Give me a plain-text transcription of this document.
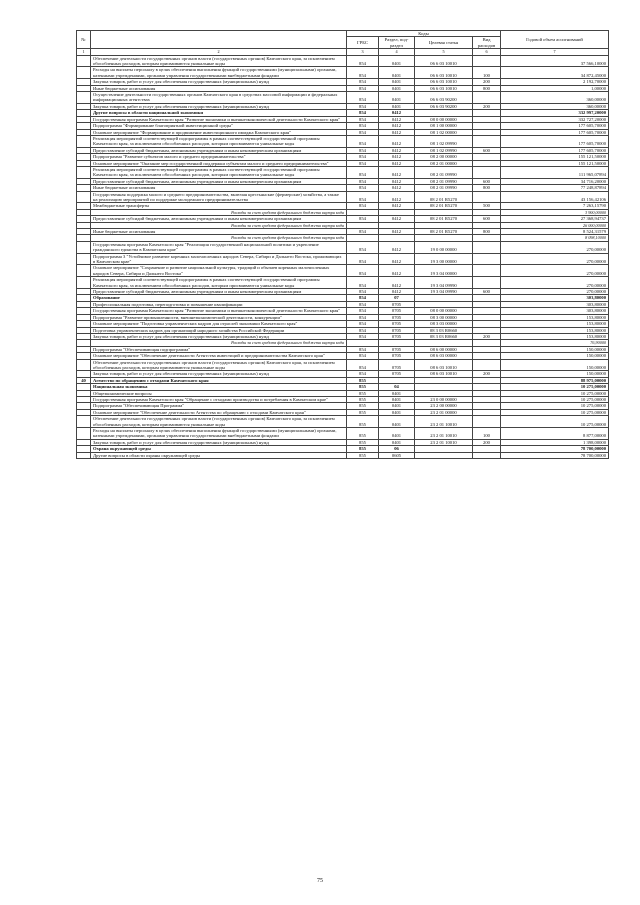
№		Коды				Годовой объем ассигнований
		ГРБС	Раздел, под- раздел	Целевая статья	Вид расходов	
1	2	3	4	5	6	7
	Обеспечение деятельности государственных органов власти (государственных органов) Камчатского края, за исключением обособленных расходов, которым присваиваются уникальные коды	854	0401	06 6 03 10010		37 566,10000
	Расходы на выплаты персоналу в целях обеспечения выполнения функций государственными (муниципальными) органами, казенными учреждениями, органами управления государственными внебюджетными фондами	854	0401	06 6 03 10010	100	34 872,45000
	Закупка товаров, работ и услуг для обеспечения государственных (муниципальных) нужд	854	0401	06 6 03 10010	200	2 192,70000
	Иные бюджетные ассигнования	854	0401	06 6 03 10010	800	1,00000
	Осуществление деятельности государственных органов Камчатского края в средствах массовой информации и федеральных информационных агентствах	854	0401	06 6 03 90200		360,00000
	Закупка товаров, работ и услуг для обеспечения государственных (муниципальных) нужд	854	0401	06 6 03 90200	200	360,00000
	Другие вопросы в области национальной экономики	854	0412			332 997,20000
	Государственная программа Камчатского края "Развитие экономики и внешнеэкономической деятельности Камчатского края"	854	0412	08 0 00 00000		332 727,20000
	Подпрограмма "Формирование благоприятной инвестиционной среды"	854	0412	08 1 00 00000		177 605,70000
	Основное мероприятие "Формирование и продвижение инвестиционного имиджа Камчатского края"	854	0412	08 1 02 00000		177 605,70000
	Реализация мероприятий соответствующей подпрограммы в рамках соответствующей государственной программы Камчатского края, за исключением обособленных расходов, которым присваиваются уникальные коды	854	0412	08 1 02 09990		177 605,70000
	Предоставление субсидий бюджетным, автономным учреждениям и иным некоммерческим организациям	854	0412	08 1 02 09990	600	177 605,70000
	Подпрограмма "Развитие субъектов малого и среднего предпринимательства"	854	0412	08 2 00 00000		155 121,50000
	Основное мероприятие "Оказание мер государственной поддержки субъектам малого и среднего предпринимательства"	854	0412	08 2 01 00000		155 121,50000
	Реализация мероприятий соответствующей подпрограммы в рамках соответствующей государственной программы Камчатского края, за исключением обособленных расходов, которым присваиваются уникальные коды	854	0412	08 2 01 09990		111 965,07894
	Предоставление субсидий бюджетным, автономным учреждениям и иным некоммерческим организациям	854	0412	08 2 01 09990	600	34 716,20000
	Иные бюджетные ассигнования	854	0412	08 2 01 09990	800	77 248,87894
	Государственная поддержка малого и среднего предпринимательства, включая крестьянские (фермерские) хозяйства, а также на реализацию мероприятий по поддержке молодежного предпринимательства	854	0412	08 2 01 R5270		43 156,42106
	Межбюджетные трансферты	854	0412	08 2 01 R5270	500	7 263,15790
	Расходы за счет средств федерального бюджета внутри кода					3 900,00000
	Предоставление субсидий бюджетным, автономным учреждениям и иным некоммерческим организациям	854	0412	08 2 01 R5270	600	27 368,94737
	Расходы за счет средств федерального бюджета внутри кода					26 000,00000
	Иные бюджетные ассигнования	854	0412	08 2 01 R5270	800	8 524,31579
	Расходы за счет средств федерального бюджета внутри кода					8 098,10000
	Государственная программа Камчатского края "Реализация государственной национальной политики и укрепление гражданского единства в Камчатском крае"	854	0412	19 0 00 00000		270,00000
	Подпрограмма 3 "Устойчивое развитие коренных малочисленных народов Севера, Сибири и Дальнего Востока, проживающих в Камчатском крае"	854	0412	19 3 00 00000		270,00000
	Основное мероприятие "Сохранение и развитие национальной культуры, традиций и обычаев коренных малочисленных народов Севера, Сибири и Дальнего Востока"	854	0412	19 3 04 00000		270,00000
	Реализация мероприятий соответствующей подпрограммы в рамках соответствующей государственной программы Камчатского края, за исключением обособленных расходов, которым присваиваются уникальные коды	854	0412	19 3 04 09990		270,00000
	Предоставление субсидий бюджетным, автономным учреждениям и иным некоммерческим организациям	854	0412	19 3 04 09990	600	270,00000
	Образование	854	07			303,80000
	Профессиональная подготовка, переподготовка и повышение квалификации	854	0705			303,80000
	Государственная программа Камчатского края "Развитие экономики и внешнеэкономической деятельности Камчатского края"	854	0705	08 0 00 00000		303,80000
	Подпрограмма "Развитие промышленности, внешнеэкономической деятельности, конкуренции"	854	0705	08 3 00 00000		153,80000
	Основное мероприятие "Подготовка управленческих кадров для отраслей экономики Камчатского края"	854	0705	08 3 03 00000		153,80000
	Подготовка управленческих кадров для организаций народного хозяйства Российской Федерации	854	0705	08 3 03 R0660		153,80000
	Закупка товаров, работ и услуг для обеспечения государственных (муниципальных) нужд	854	0705	08 3 03 R0660	200	153,80000
	Расходы за счет средств федерального бюджета внутри кода					76,90000
	Подпрограмма "Обеспечивающая подпрограмма"	854	0705	08 6 00 00000		150,00000
	Основное мероприятие "Обеспечение деятельности Агентства инвестиций и предпринимательства Камчатского края"	854	0705	08 6 03 00000		150,00000
	Обеспечение деятельности государственных органов власти (государственных органов) Камчатского края, за исключением обособленных расходов, которым присваиваются уникальные коды	854	0705	08 6 03 10010		150,00000
	Закупка товаров, работ и услуг для обеспечения государственных (муниципальных) нужд	854	0705	08 6 03 10010	200	150,00000
40	Агентство по обращению с отходами Камчатского края	855				88 975,00000
	Национальная экономика	855	04			10 275,00000
	Общеэкономические вопросы	855	0401			10 275,00000
	Государственная программа Камчатского края "Обращение с отходами производства и потребления в Камчатском крае"	855	0401	23 0 00 00000		10 275,00000
	Подпрограмма "Обеспечивающая Программа"	855	0401	23 2 00 00000		10 275,00000
	Основное мероприятие "Обеспечение деятельности Агентства по обращению с отходами Камчатского края"	855	0401	23 2 01 00000		10 275,00000
	Обеспечение деятельности государственных органов власти (государственных органов) Камчатского края, за исключением обособленных расходов, которым присваиваются уникальные коды	855	0401	23 2 01 10010		10 275,00000
	Расходы на выплаты персоналу в целях обеспечения выполнения функций государственными (муниципальными) органами, казенными учреждениями, органами управления государственными внебюджетными фондами	855	0401	23 2 01 10010	100	8 877,00000
	Закупка товаров, работ и услуг для обеспечения государственных (муниципальных) нужд	855	0401	23 2 01 10010	200	1 398,00000
	Охрана окружающей среды	855	06			78 700,00000
	Другие вопросы в области охраны окружающей среды	855	0605			78 700,00000
75
